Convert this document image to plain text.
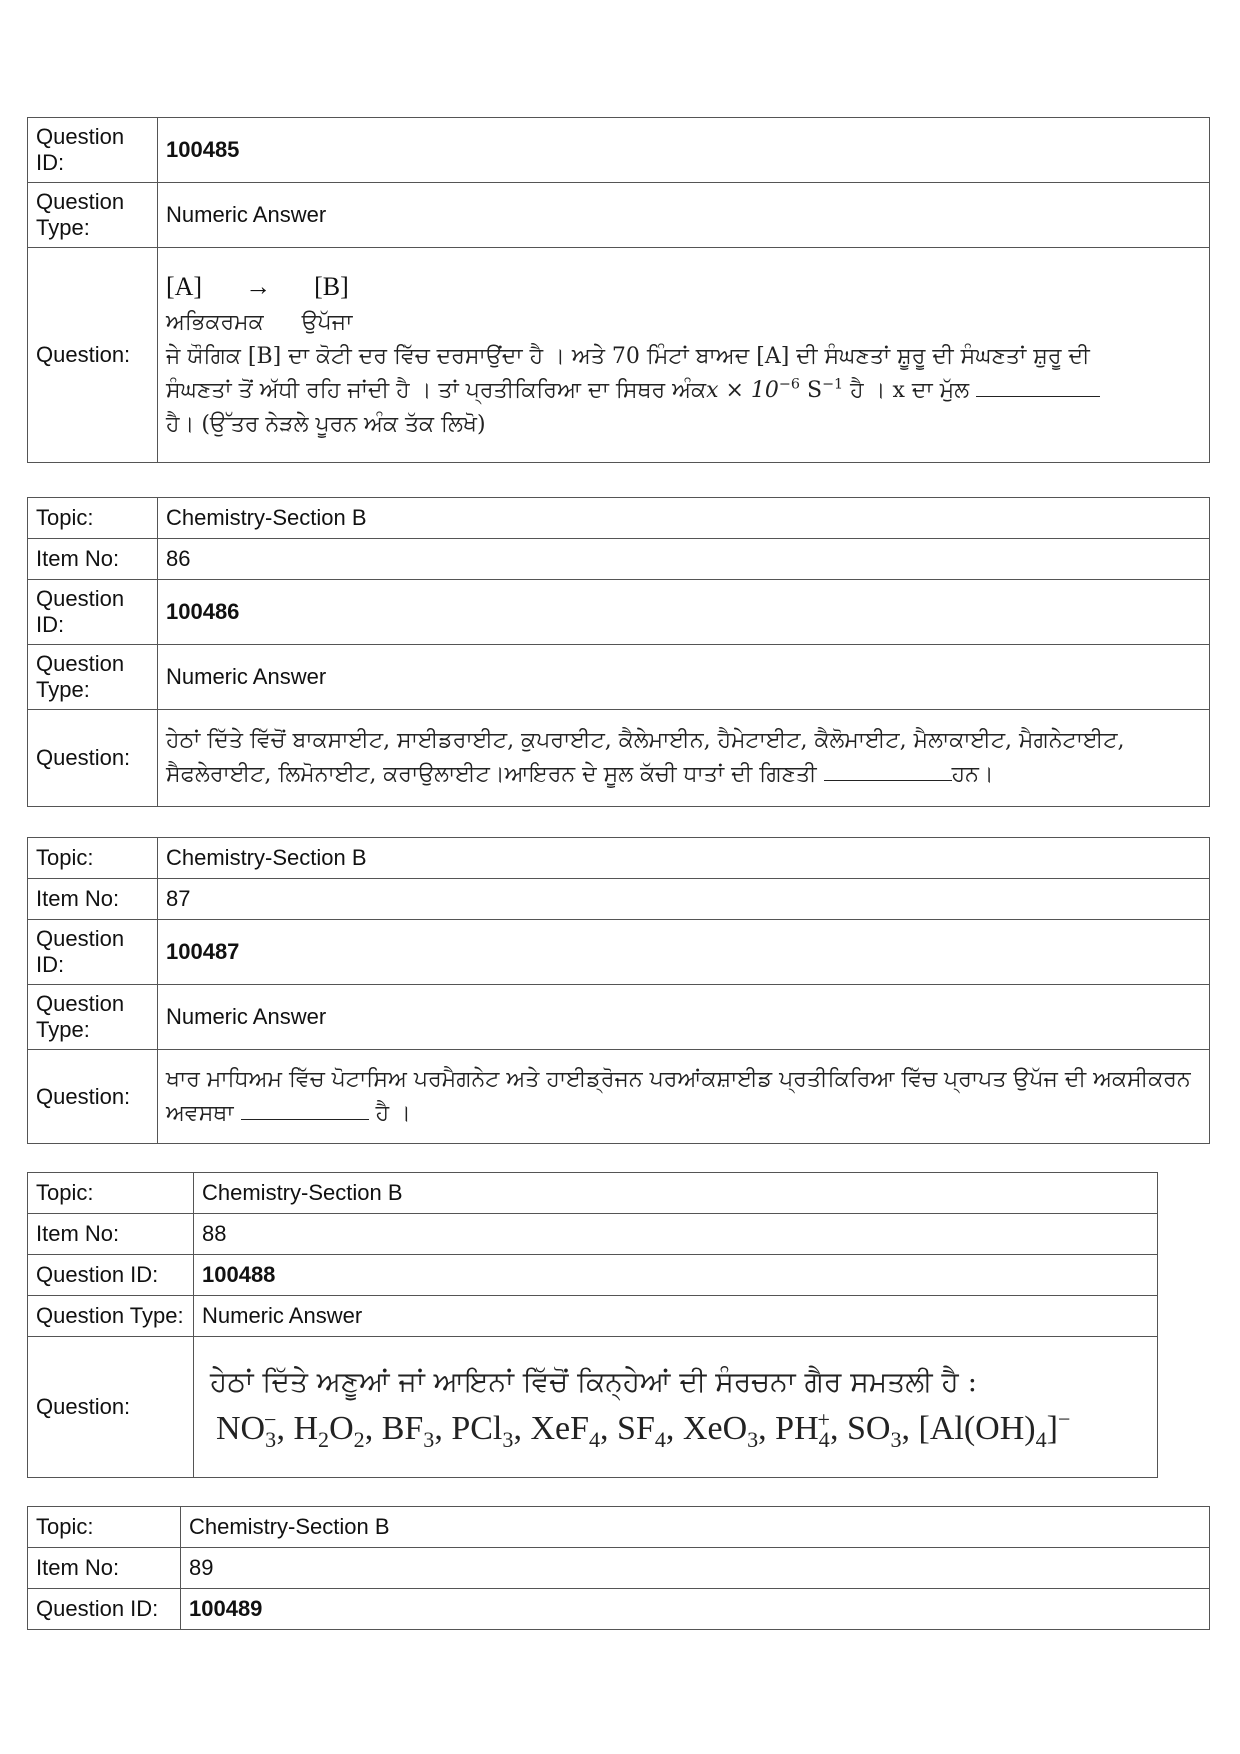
Question
ID:	100485
Question
Type:	Numeric Answer
Question:	[A] → [B]
ਅਭਿਕਰਮਕ ਉਪੱਜਾ
ਜੇ ਯੌਗਿਕ [B] ਦਾ ਕੋਟੀ ਦਰ ਵਿੱਚ ਦਰਸਾਉਂਦਾ ਹੈ । ਅਤੇ 70 ਮਿੰਟਾਂ ਬਾਅਦ [A] ਦੀ ਸੰਘਣਤਾਂ ਸ਼ੂਰੂ ਦੀ ਸੰਘਣਤਾਂ ਸ਼ੁਰੂ ਦੀ
ਸੰਘਣਤਾਂ ਤੋਂ ਅੱਧੀ ਰਹਿ ਜਾਂਦੀ ਹੈ । ਤਾਂ ਪ੍ਰਤੀਕਿਰਿਆ ਦਾ ਸਿਥਰ ਅੰਕx × $10^{-6}$ $S^{-1}$ ਹੈ । x ਦਾ ਮੁੱਲ
ਹੈ। (ਉੱਤਰ ਨੇੜਲੇ ਪੂਰਨ ਅੰਕ ਤੱਕ ਲਿਖੋ)
Topic:	Chemistry-Section B
Item No:	86
Question
ID:	100486
Question
Type:	Numeric Answer
Question:	ਹੇਠਾਂ ਦਿੱਤੇ ਵਿੱਚੋਂ ਬਾਕਸਾਈਟ, ਸਾਈਡਰਾਈਟ, ਕੁਪਰਾਈਟ, ਕੈਲੇਮਾਈਨ, ਹੈਮੇਟਾਈਟ, ਕੈਲੋਮਾਈਟ, ਮੈਲਾਕਾਈਟ, ਮੈਗਨੇਟਾਈਟ,
ਸੈਫਲੇਰਾਈਟ, ਲਿਮੋਨਾਈਟ, ਕਰਾਉਲਾਈਟ।ਆਇਰਨ ਦੇ ਸੂਲ ਕੱਚੀ ਧਾਤਾਂ ਦੀ ਗਿਣਤੀ ਹਨ।
Topic:	Chemistry-Section B
Item No:	87
Question
ID:	100487
Question
Type:	Numeric Answer
Question:	ਖਾਰ ਮਾਧਿਅਮ ਵਿੱਚ ਪੋਟਾਸਿਅ ਪਰਮੈਗਨੇਟ ਅਤੇ ਹਾਈਡ੍ਰੋਜਨ ਪਰਆਂਕਸ਼ਾਈਡ ਪ੍ਰਤੀਕਿਰਿਆ ਵਿੱਚ ਪ੍ਰਾਪਤ ਉਪੱਜ ਦੀ ਅਕਸੀਕਰਨ
ਅਵਸਥਾ ਹੈ ।
Topic:	Chemistry-Section B
Item No:	88
Question ID:	100488
Question Type:	Numeric Answer
Question:	ਹੇਠਾਂ ਦਿੱਤੇ ਅਣੂਆਂ ਜਾਂ ਆਇਨਾਂ ਵਿੱਚੋਂ ਕਿਨ੍ਹੇਆਂ ਦੀ ਸੰਰਚਨਾ ਗੈਰ ਸਮਤਲੀ ਹੈ :
$NO_3^-$, $H_2O_2$, $BF_3$, PCl$_3$, XeF$_4$, $SF_4$, XeO$_3$, $PH_4^+$, $SO_3$, $[Al(OH)_4]^-$
Topic:	Chemistry-Section B
Item No:	89
Question ID:	100489
